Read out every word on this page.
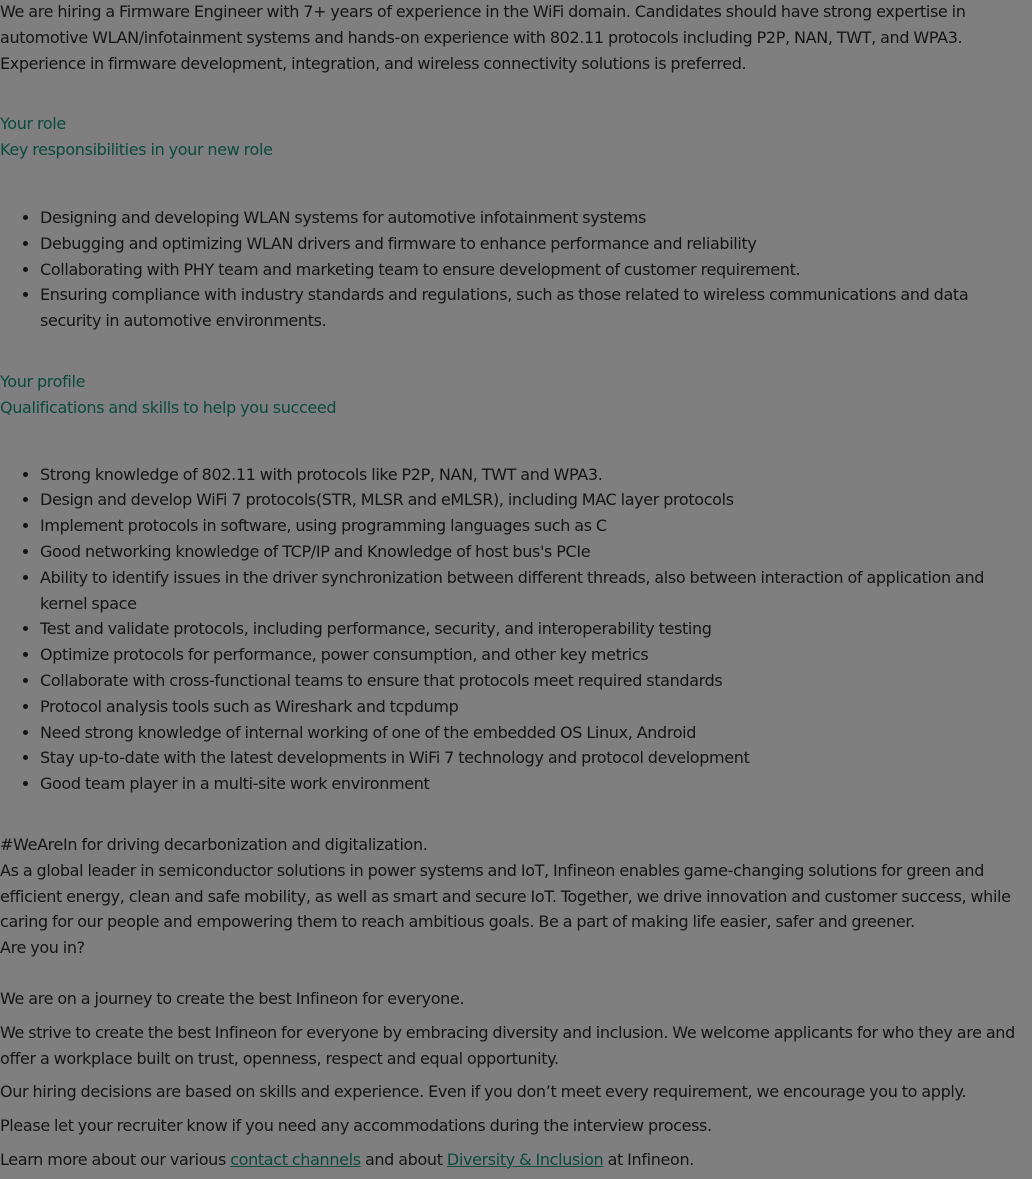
We are hiring a Firmware Engineer with 7+ years of experience in the WiFi domain. Candidates should have strong expertise in automotive WLAN/infotainment systems and hands-on experience with 802.11 protocols including P2P, NAN, TWT, and WPA3. Experience in firmware development, integration, and wireless connectivity solutions is preferred.

Your role

Key responsibilities in your new role

• Designing and developing WLAN systems for automotive infotainment systems
• Debugging and optimizing WLAN drivers and firmware to enhance performance and reliability
• Collaborating with PHY team and marketing team to ensure development of customer requirement.
• Ensuring compliance with industry standards and regulations, such as those related to wireless communications and data security in automotive environments.

Your profile

Qualifications and skills to help you succeed

• Strong knowledge of 802.11 with protocols like P2P, NAN, TWT and WPA3.
• Design and develop WiFi 7 protocols(STR, MLSR and eMLSR), including MAC layer protocols
• Implement protocols in software, using programming languages such as C
• Good networking knowledge of TCP/IP and Knowledge of host bus's PCIe
• Ability to identify issues in the driver synchronization between different threads, also between interaction of application and kernel space
• Test and validate protocols, including performance, security, and interoperability testing
• Optimize protocols for performance, power consumption, and other key metrics
• Collaborate with cross-functional teams to ensure that protocols meet required standards
• Protocol analysis tools such as Wireshark and tcpdump
• Need strong knowledge of internal working of one of the embedded OS Linux, Android
• Stay up-to-date with the latest developments in WiFi 7 technology and protocol development
• Good team player in a multi-site work environment

#WeAreIn for driving decarbonization and digitalization.

As a global leader in semiconductor solutions in power systems and IoT, Infineon enables game-changing solutions for green and efficient energy, clean and safe mobility, as well as smart and secure IoT. Together, we drive innovation and customer success, while caring for our people and empowering them to reach ambitious goals. Be a part of making life easier, safer and greener.

Are you in?

We are on a journey to create the best Infineon for everyone.

We strive to create the best Infineon for everyone by embracing diversity and inclusion. We welcome applicants for who they are and offer a workplace built on trust, openness, respect and equal opportunity.

Our hiring decisions are based on skills and experience. Even if you don’t meet every requirement, we encourage you to apply.

Please let your recruiter know if you need any accommodations during the interview process.

Learn more about our various contact channels and about Diversity & Inclusion at Infineon.
